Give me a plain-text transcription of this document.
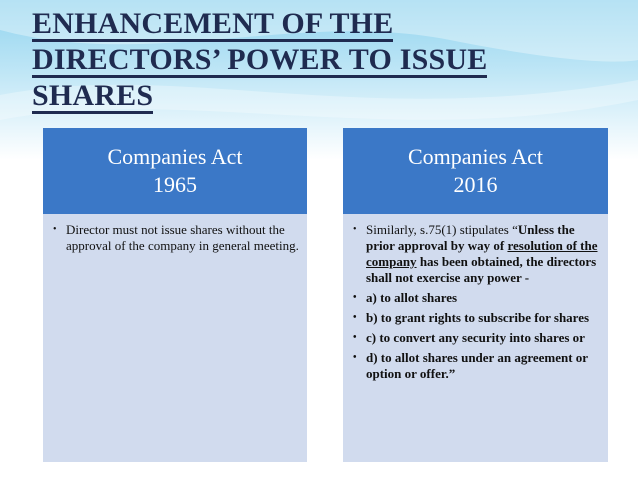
ENHANCEMENT OF THE
DIRECTORS’ POWER TO ISSUE
SHARES
Companies Act
1965
• Director must not issue shares without the approval of the company in general meeting.
Companies Act
2016
• Similarly, s.75(1) stipulates “Unless the prior approval by way of resolution of the company has been obtained, the directors shall not exercise any power -
• a) to allot shares
• b) to grant rights to subscribe for shares
• c) to convert any security into shares or
• d) to allot shares under an agreement or option or offer.”
